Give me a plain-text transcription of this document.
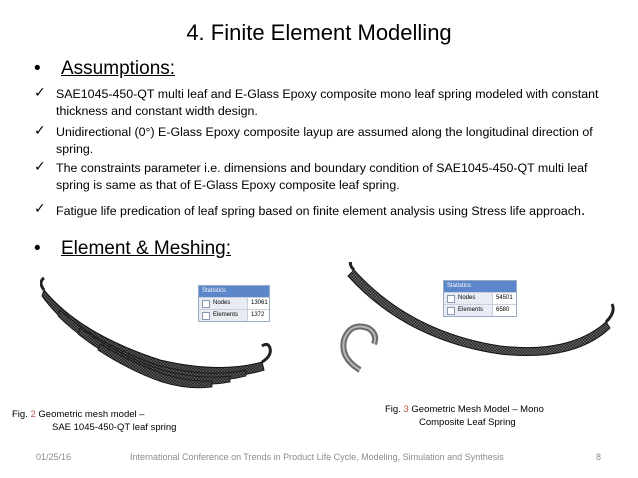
4. Finite Element Modelling
• Assumptions:
✓ SAE1045-450-QT multi leaf and E-Glass Epoxy composite mono leaf spring modeled with constant thickness and constant width design.
✓ Unidirectional (0°) E-Glass Epoxy composite layup are assumed along the longitudinal direction of spring.
✓ The constraints parameter i.e. dimensions and boundary condition of SAE1045-450-QT multi leaf spring is same as that of E-Glass Epoxy composite leaf spring.
✓ Fatigue life predication of leaf spring based on finite element analysis using Stress life approach.
• Element & Meshing:
Statistics
Nodes	13061
Elements	1372
Statistics
Nodes	54501
Elements	6580
Fig. 2 Geometric mesh model –
SAE 1045-450-QT leaf spring
Fig. 3 Geometric Mesh Model – Mono
Composite Leaf Spring
01/25/16	International Conference on Trends in Product Life Cycle, Modeling, Simulation and Synthesis	8
